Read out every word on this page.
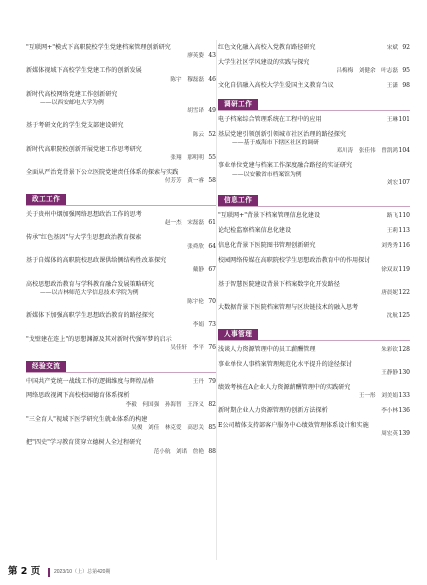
"互联网+"模式下高职院校学生党建档案管理创新研究
廖英姿 43
新媒体视域下高校学生党建工作的创新发展
陈宇　穆磊磊 46
新时代高校网络党建工作创新研究
——以西安邮电大学为例
胡雪译 49
基于考研文化的学生党支部建设研究
陈云 52
新时代高职院校创新开展党建工作思考研究
张翔　那明明 55
全面从严治党背景下公立医院党建责任体系的探索与实践
付芳芳　黄一睿 58
政工工作
关于贵州中烟加强网络思想政治工作的思考
赵一杰　宋磊磊 61
传承"红色基因"与大学生思想政治教育探索
张舜欣 64
基于自媒体的高职院校思政课供给侧结构性改革探究
戴静 67
高校思想政治教育与学科教育融合发展策略研究
——以吉林师范大学信息技术学院为例
陈宇伦 70
新媒体下加强高职学生思想政治教育的路径探究
李娟 73
"戈壁建在连上"的思想渊源及其对新时代强军梦的启示
吴佳轩　李平 76
经验交流
中国共产党统一战线工作的逻辑维度与辉煌品格	王丹 79
网络思政视阈下高校校园德育体系探析
李毅　何国强　孙海智　王泽义 82
"三全育人"视域下医学研究生就业体系的构建
吴俊　刘佳　林克爱　高思关 85
把"四史"学习教育贯穿立德树人全过程研究
范小航　刘诺　詹艳 88
红色文化融入高校入党教育路径研究	宋斌 92
大学生社区学风建设的实践与探究
吕梅梅　刘健余　叶志磊 95
文化自信融入高校大学生爱国主义教育刍议	王潇 98
调研工作
电子档案综合管理系统在工程中的应用	王琳 101
基层党建引领创新引领城市社区治理的路径探究
——基于威海市下辖区社区的调研
邓川涛　张佳伟　曾凯鸿 104
事业单位党建与档案工作深度融合路径的实证研究
——以安徽省市档案馆为例
刘宏 107
信息工作
"互联网+"背景下档案管理信息化建设	路飞 110
论纪检监察档案信息化建设	王莉 113
信息化背景下医院图书管理创新研究	刘秀秀 116
校园网络传媒在高职院校学生思想政治教育中的作用探讨
徐双双 119
基于智慧医院建设背景下档案数字化开发路径
唐晨妮 122
大数据背景下医院档案管理与区块链技术的融入思考
沈航 125
人事管理
浅谈人力资源管理中的员工薪酬管理	朱彩钦 128
事业单位人事档案管理规范化水平提升的途径探讨
王静静 130
绩效考核在A企业人力资源薪酬管理中的实践研究
王一彤　刘美娟 133
新时期企业人力资源管理的创新方法探析	李小林 136
E公司精体支持部客户服务中心绩效管理体系设计和实施
周宏英 139
第 2 页	2023/10（上）总第420期
